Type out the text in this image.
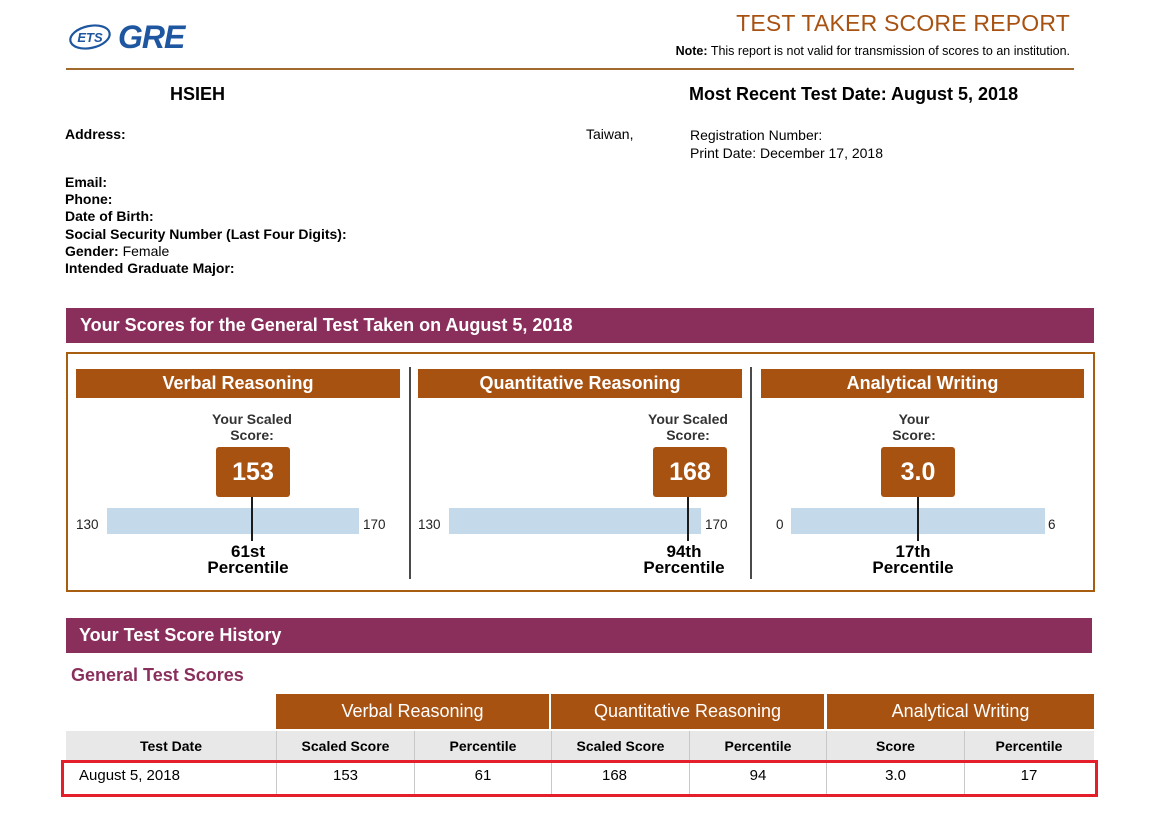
ETS GRE	TEST TAKER SCORE REPORT
Note: This report is not valid for transmission of scores to an institution.
HSIEH	Most Recent Test Date: August 5, 2018
Address:	Taiwan,	Registration Number:
Print Date: December 17, 2018
Email:
Phone:
Date of Birth:
Social Security Number (Last Four Digits):
Gender: Female
Intended Graduate Major:
Your Scores for the General Test Taken on August 5, 2018
Verbal Reasoning
Your Scaled
Score:
153
130	170
61st
Percentile
Quantitative Reasoning
Your Scaled
Score:
168
130	170
94th
Percentile
Analytical Writing
Your
Score:
3.0
0	6
17th
Percentile
Your Test Score History
General Test Scores
Verbal Reasoning	Quantitative Reasoning	Analytical Writing
Test Date	Scaled Score	Percentile	Scaled Score	Percentile	Score	Percentile
August 5, 2018	153	61	168	94	3.0	17
